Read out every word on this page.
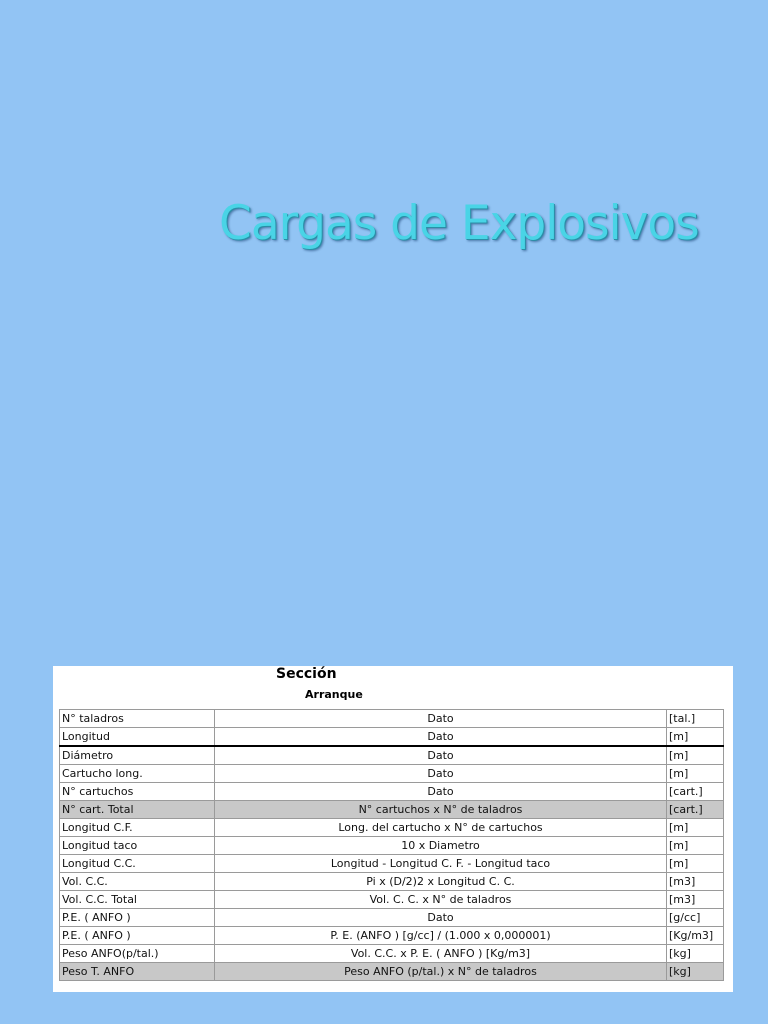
Cargas de Explosivos
Sección
Arranque
N° taladros	Dato	[tal.]
Longitud	Dato	[m]
Diámetro	Dato	[m]
Cartucho long.	Dato	[m]
N° cartuchos	Dato	[cart.]
N° cart. Total	N° cartuchos x N° de taladros	[cart.]
Longitud C.F.	Long. del cartucho x N° de cartuchos	[m]
Longitud taco	10 x Diametro	[m]
Longitud C.C.	Longitud - Longitud C. F. - Longitud taco	[m]
Vol. C.C.	Pi x (D/2)2 x Longitud C. C.	[m3]
Vol. C.C. Total	Vol. C. C. x N° de taladros	[m3]
P.E. ( ANFO )	Dato	[g/cc]
P.E. ( ANFO )	P. E. (ANFO ) [g/cc] / (1.000 x 0,000001)	[Kg/m3]
Peso ANFO(p/tal.)	Vol. C.C. x P. E. ( ANFO ) [Kg/m3]	[kg]
Peso T. ANFO	Peso ANFO (p/tal.) x N° de taladros	[kg]
